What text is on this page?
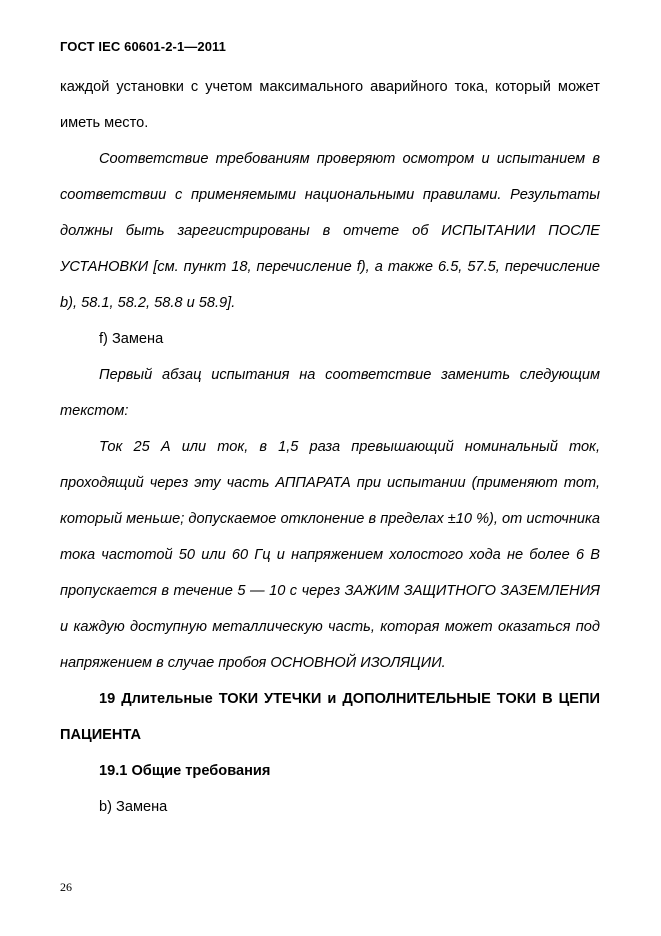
ГОСТ IEC 60601-2-1—2011

каждой установки с учетом максимального аварийного тока, который может иметь место.

Соответствие требованиям проверяют осмотром и испытанием в соответствии с применяемыми национальными правилами. Результаты должны быть зарегистрированы в отчете об ИСПЫТАНИИ ПОСЛЕ УСТАНОВКИ [см. пункт 18, перечисление f), а также 6.5, 57.5, перечисление b), 58.1, 58.2, 58.8 и 58.9].

f) Замена

Первый абзац испытания на соответствие заменить следующим текстом:

Ток 25 А или ток, в 1,5 раза превышающий номинальный ток, проходящий через эту часть АППАРАТА при испытании (применяют тот, который меньше; допускаемое отклонение в пределах ±10 %), от источника тока частотой 50 или 60 Гц и напряжением холостого хода не более 6 В пропускается в течение 5 — 10 с через ЗАЖИМ ЗАЩИТНОГО ЗАЗЕМЛЕНИЯ и каждую доступную металлическую часть, которая может оказаться под напряжением в случае пробоя ОСНОВНОЙ ИЗОЛЯЦИИ.

19 Длительные ТОКИ УТЕЧКИ и ДОПОЛНИТЕЛЬНЫЕ ТОКИ В ЦЕПИ ПАЦИЕНТА

19.1 Общие требования

b) Замена

26
